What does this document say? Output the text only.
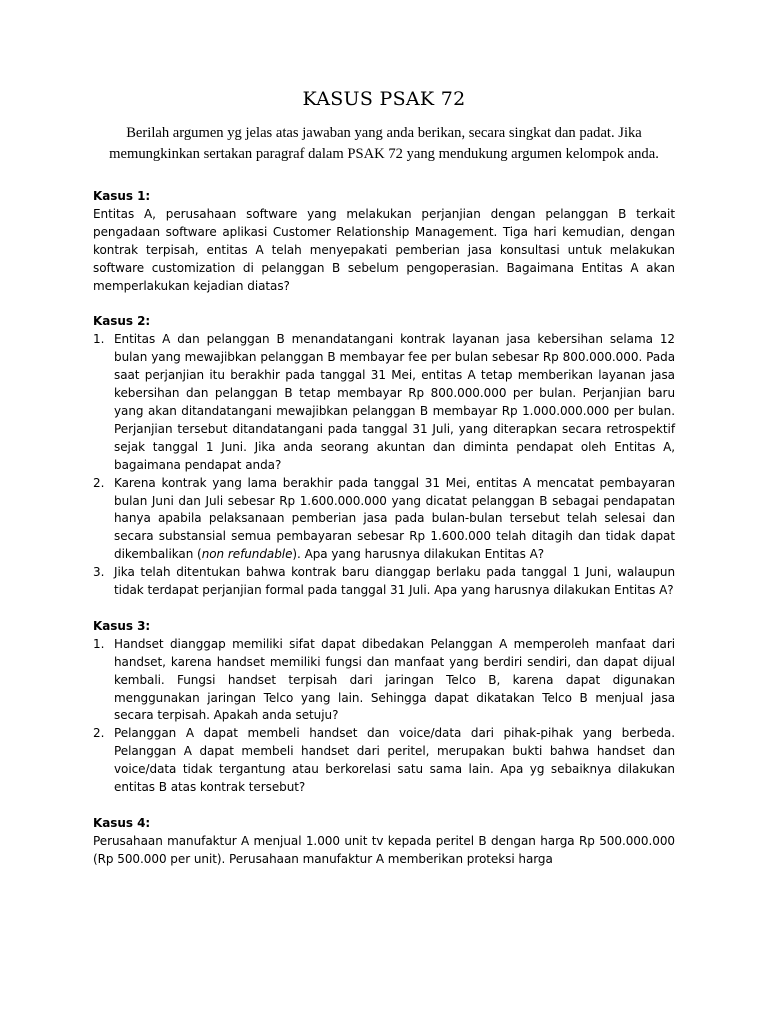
KASUS PSAK 72

Berilah argumen yg jelas atas jawaban yang anda berikan, secara singkat dan padat. Jika memungkinkan sertakan paragraf dalam PSAK 72 yang mendukung argumen kelompok anda.

Kasus 1:

Entitas A, perusahaan software yang melakukan perjanjian dengan pelanggan B terkait pengadaan software aplikasi Customer Relationship Management. Tiga hari kemudian, dengan kontrak terpisah, entitas A telah menyepakati pemberian jasa konsultasi untuk melakukan software customization di pelanggan B sebelum pengoperasian. Bagaimana Entitas A akan memperlakukan kejadian diatas?

Kasus 2:

1. Entitas A dan pelanggan B menandatangani kontrak layanan jasa kebersihan selama 12 bulan yang mewajibkan pelanggan B membayar fee per bulan sebesar Rp 800.000.000. Pada saat perjanjian itu berakhir pada tanggal 31 Mei, entitas A tetap memberikan layanan jasa kebersihan dan pelanggan B tetap membayar Rp 800.000.000 per bulan. Perjanjian baru yang akan ditandatangani mewajibkan pelanggan B membayar Rp 1.000.000.000 per bulan. Perjanjian tersebut ditandatangani pada tanggal 31 Juli, yang diterapkan secara retrospektif sejak tanggal 1 Juni. Jika anda seorang akuntan dan diminta pendapat oleh Entitas A, bagaimana pendapat anda?
2. Karena kontrak yang lama berakhir pada tanggal 31 Mei, entitas A mencatat pembayaran bulan Juni dan Juli sebesar Rp 1.600.000.000 yang dicatat pelanggan B sebagai pendapatan hanya apabila pelaksanaan pemberian jasa pada bulan-bulan tersebut telah selesai dan secara substansial semua pembayaran sebesar Rp 1.600.000 telah ditagih dan tidak dapat dikembalikan (non refundable). Apa yang harusnya dilakukan Entitas A?
3. Jika telah ditentukan bahwa kontrak baru dianggap berlaku pada tanggal 1 Juni, walaupun tidak terdapat perjanjian formal pada tanggal 31 Juli. Apa yang harusnya dilakukan Entitas A?

Kasus 3:

1. Handset dianggap memiliki sifat dapat dibedakan Pelanggan A memperoleh manfaat dari handset, karena handset memiliki fungsi dan manfaat yang berdiri sendiri, dan dapat dijual kembali. Fungsi handset terpisah dari jaringan Telco B, karena dapat digunakan menggunakan jaringan Telco yang lain. Sehingga dapat dikatakan Telco B menjual jasa secara terpisah. Apakah anda setuju?
2. Pelanggan A dapat membeli handset dan voice/data dari pihak-pihak yang berbeda. Pelanggan A dapat membeli handset dari peritel, merupakan bukti bahwa handset dan voice/data tidak tergantung atau berkorelasi satu sama lain. Apa yg sebaiknya dilakukan entitas B atas kontrak tersebut?

Kasus 4:

Perusahaan manufaktur A menjual 1.000 unit tv kepada peritel B dengan harga Rp 500.000.000 (Rp 500.000 per unit). Perusahaan manufaktur A memberikan proteksi harga
